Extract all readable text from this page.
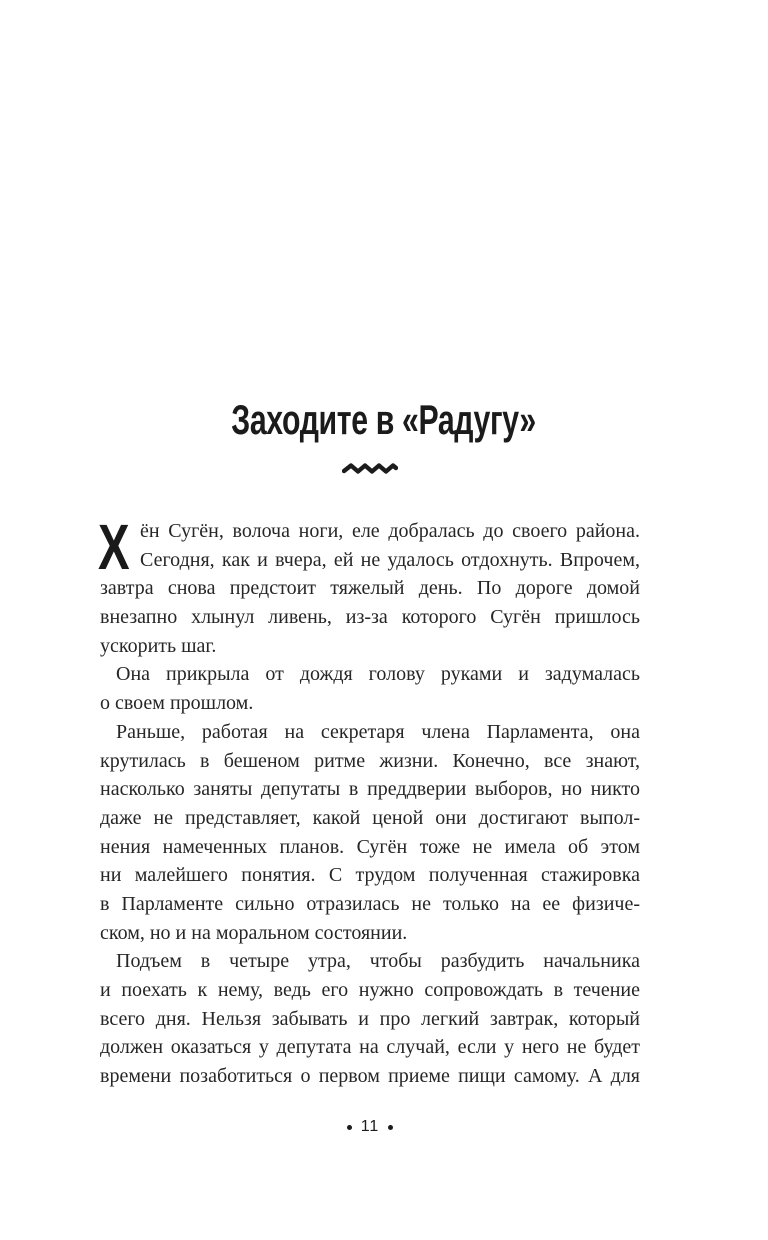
Заходите в «Радугу»
Х ён Сугён, волоча ноги, еле добралась до своего района.
Сегодня, как и вчера, ей не удалось отдохнуть. Впрочем,
завтра снова предстоит тяжелый день. По дороге домой
внезапно хлынул ливень, из-за которого Сугён пришлось
ускорить шаг.
Она прикрыла от дождя голову руками и задумалась
о своем прошлом.
Раньше, работая на секретаря члена Парламента, она
крутилась в бешеном ритме жизни. Конечно, все знают,
насколько заняты депутаты в преддверии выборов, но никто
даже не представляет, какой ценой они достигают выпол-
нения намеченных планов. Сугён тоже не имела об этом
ни малейшего понятия. С трудом полученная стажировка
в Парламенте сильно отразилась не только на ее физиче-
ском, но и на моральном состоянии.
Подъем в четыре утра, чтобы разбудить начальника
и поехать к нему, ведь его нужно сопровождать в течение
всего дня. Нельзя забывать и про легкий завтрак, который
должен оказаться у депутата на случай, если у него не будет
времени позаботиться о первом приеме пищи самому. А для
11
